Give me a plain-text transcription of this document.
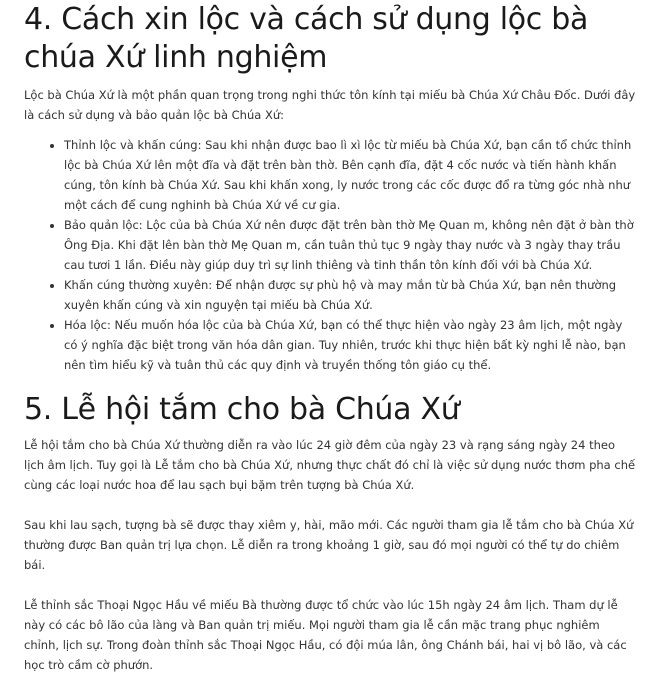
4. Cách xin lộc và cách sử dụng lộc bà chúa Xứ linh nghiệm

Lộc bà Chúa Xứ là một phần quan trọng trong nghi thức tôn kính tại miếu bà Chúa Xứ Châu Đốc. Dưới đây là cách sử dụng và bảo quản lộc bà Chúa Xứ:

• Thỉnh lộc và khấn cúng: Sau khi nhận được bao lì xì lộc từ miếu bà Chúa Xứ, bạn cần tổ chức thỉnh lộc bà Chúa Xứ lên một đĩa và đặt trên bàn thờ. Bên cạnh đĩa, đặt 4 cốc nước và tiến hành khấn cúng, tôn kính bà Chúa Xứ. Sau khi khấn xong, ly nước trong các cốc được đổ ra từng góc nhà như một cách để cung nghinh bà Chúa Xứ về cư gia.
• Bảo quản lộc: Lộc của bà Chúa Xứ nên được đặt trên bàn thờ Mẹ Quan m, không nên đặt ở bàn thờ Ông Địa. Khi đặt lên bàn thờ Mẹ Quan m, cần tuân thủ tục 9 ngày thay nước và 3 ngày thay trầu cau tươi 1 lần. Điều này giúp duy trì sự linh thiêng và tinh thần tôn kính đối với bà Chúa Xứ.
• Khấn cúng thường xuyên: Để nhận được sự phù hộ và may mắn từ bà Chúa Xứ, bạn nên thường xuyên khấn cúng và xin nguyện tại miếu bà Chúa Xứ.
• Hóa lộc: Nếu muốn hóa lộc của bà Chúa Xứ, bạn có thể thực hiện vào ngày 23 âm lịch, một ngày có ý nghĩa đặc biệt trong văn hóa dân gian. Tuy nhiên, trước khi thực hiện bất kỳ nghi lễ nào, bạn nên tìm hiểu kỹ và tuân thủ các quy định và truyền thống tôn giáo cụ thể.
5. Lễ hội tắm cho bà Chúa Xứ

Lễ hội tắm cho bà Chúa Xứ thường diễn ra vào lúc 24 giờ đêm của ngày 23 và rạng sáng ngày 24 theo lịch âm lịch. Tuy gọi là Lễ tắm cho bà Chúa Xứ, nhưng thực chất đó chỉ là việc sử dụng nước thơm pha chế cùng các loại nước hoa để lau sạch bụi bặm trên tượng bà Chúa Xứ.

Sau khi lau sạch, tượng bà sẽ được thay xiêm y, hài, mão mới. Các người tham gia lễ tắm cho bà Chúa Xứ thường được Ban quản trị lựa chọn. Lễ diễn ra trong khoảng 1 giờ, sau đó mọi người có thể tự do chiêm bái.

Lễ thỉnh sắc Thoại Ngọc Hầu về miếu Bà thường được tổ chức vào lúc 15h ngày 24 âm lịch. Tham dự lễ này có các bô lão của làng và Ban quản trị miếu. Mọi người tham gia lễ cần mặc trang phục nghiêm chỉnh, lịch sự. Trong đoàn thỉnh sắc Thoại Ngọc Hầu, có đội múa lân, ông Chánh bái, hai vị bô lão, và các học trò cầm cờ phướn.
